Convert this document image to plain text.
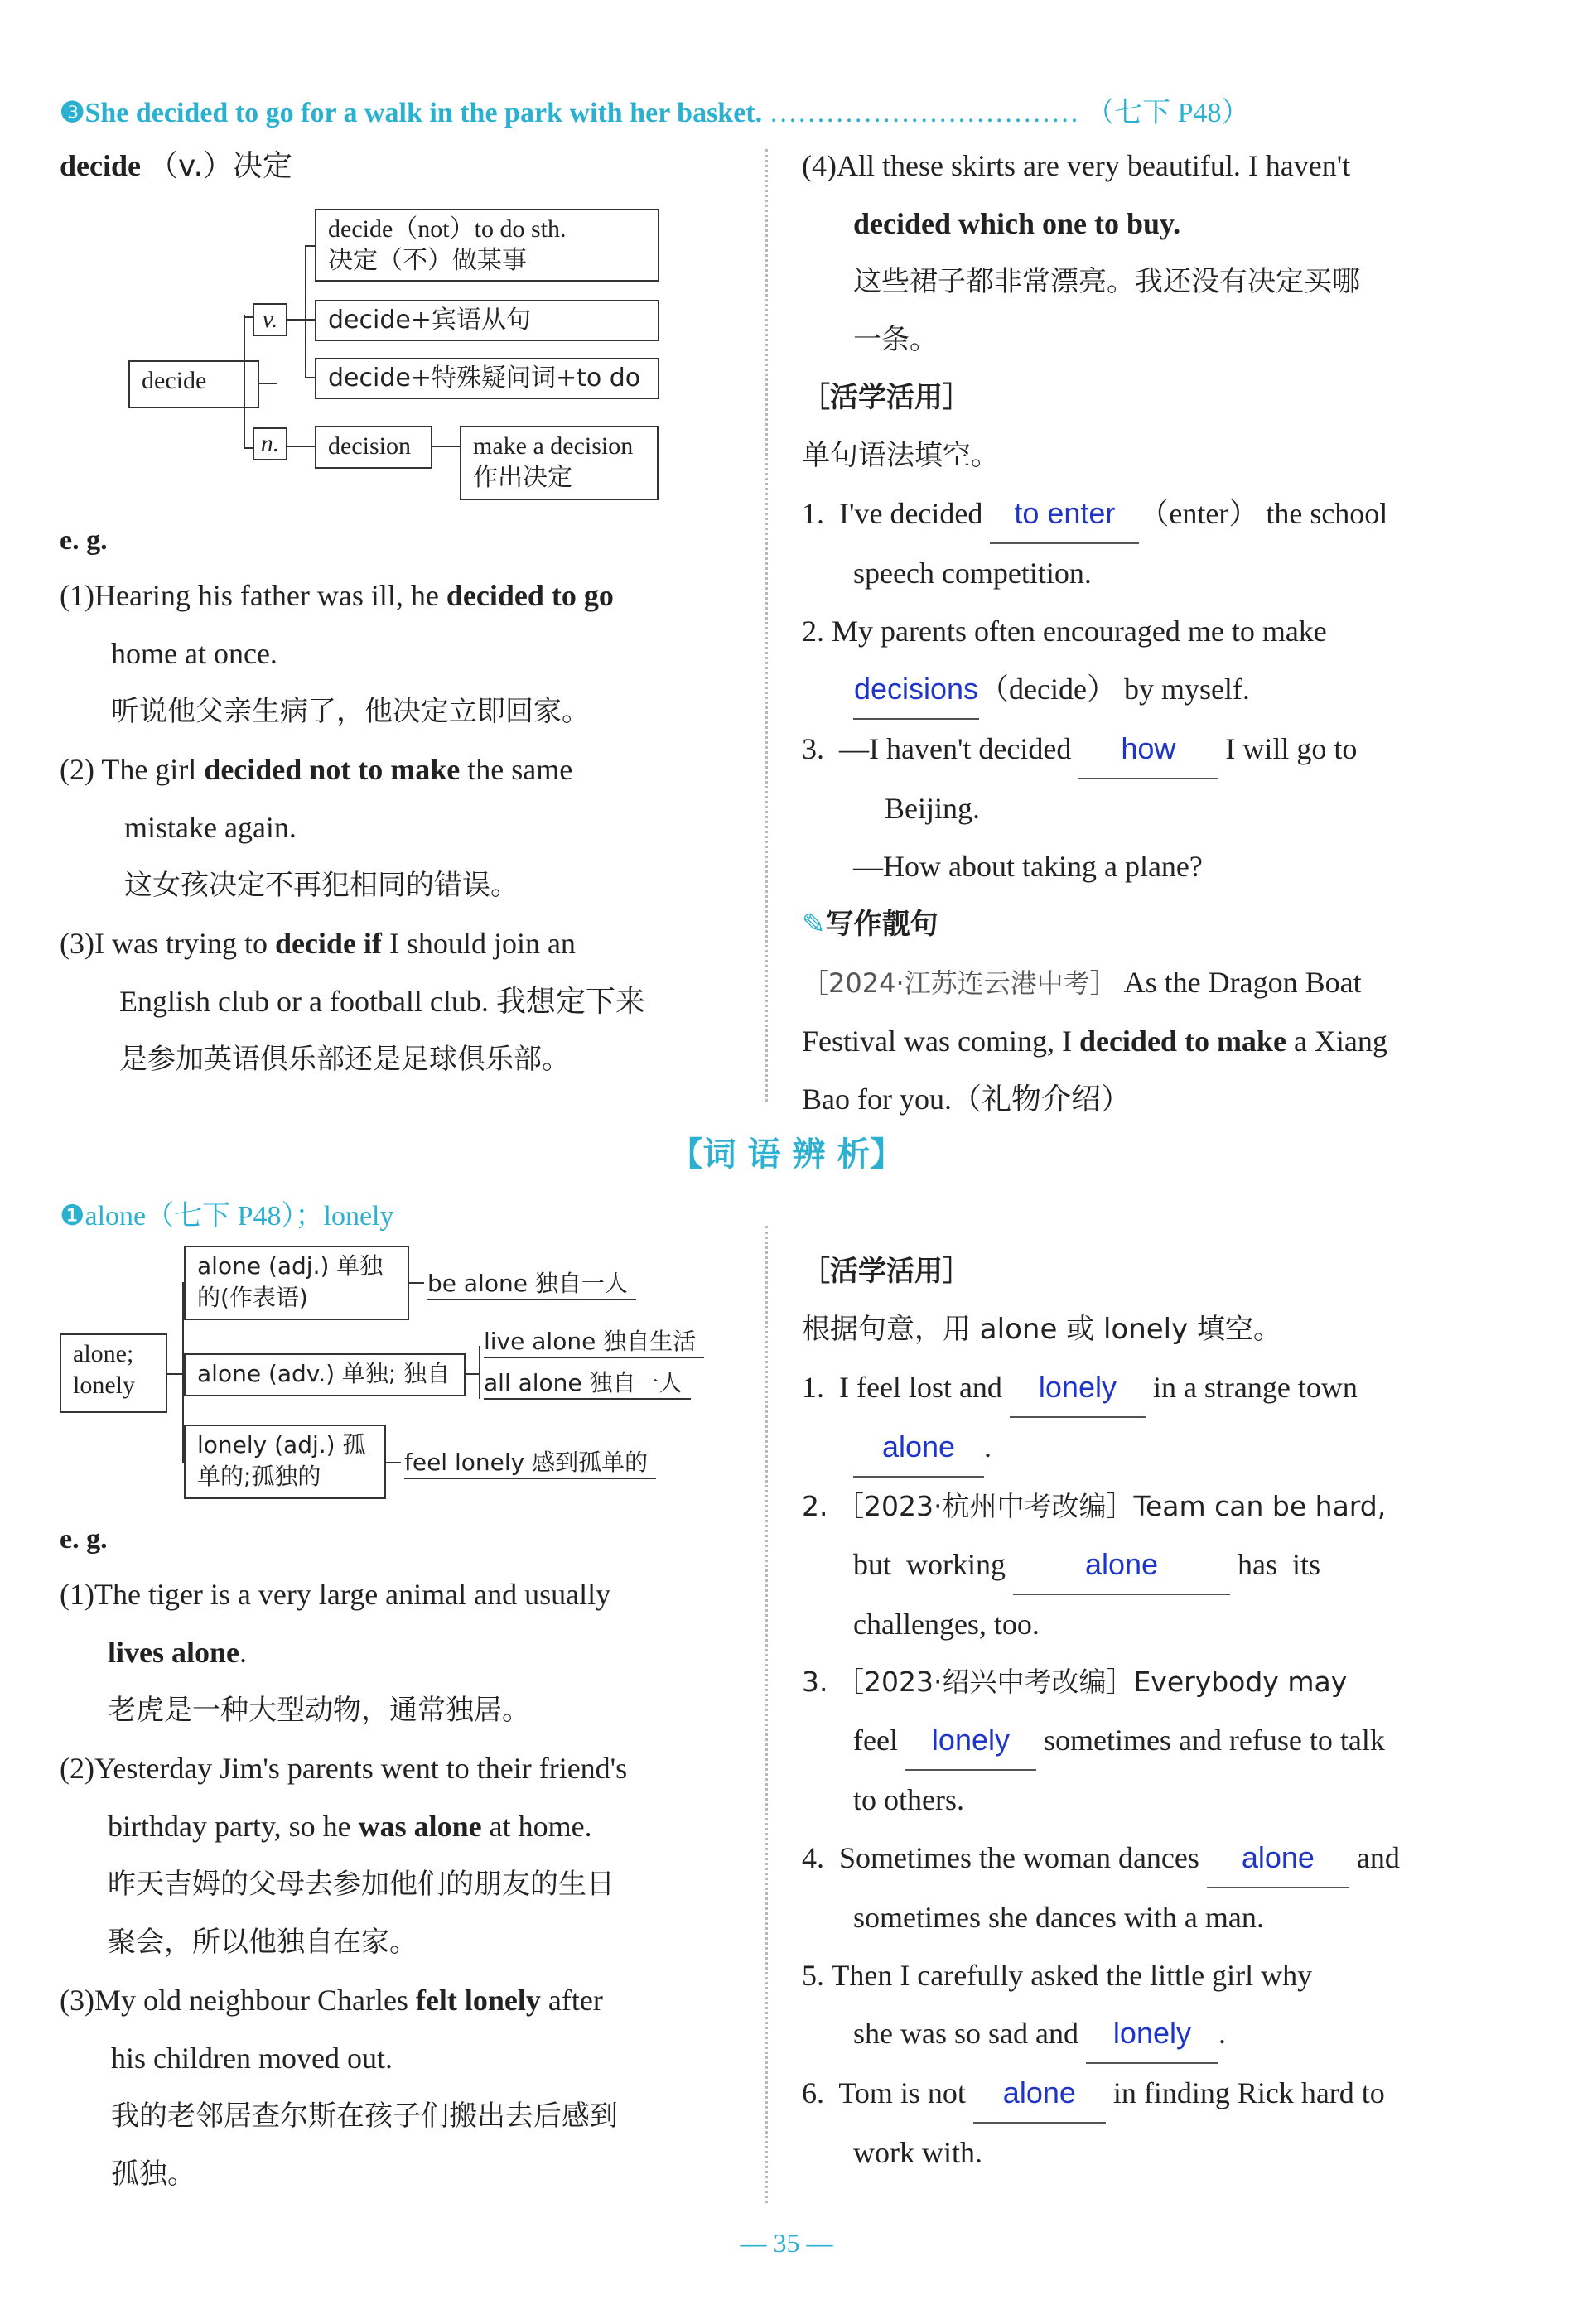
❸She decided to go for a walk in the park with her basket. …………………………… （七下 P48）
decide （v.）决定
decide
v.
n.
decide（not）to do sth.
决定（不）做某事
decide+宾语从句
decide+特殊疑问词+to do
decision	make a decision
作出决定
e. g.
(1)Hearing his father was ill, he decided to go
home at once.
听说他父亲生病了，他决定立即回家。
(2) The girl decided not to make the same
mistake again.
这女孩决定不再犯相同的错误。
(3)I was trying to decide if I should join an
English club or a football club. 我想定下来
是参加英语俱乐部还是足球俱乐部。
(4)All these skirts are very beautiful. I haven't
decided which one to buy.
这些裙子都非常漂亮。我还没有决定买哪
一条。
［活学活用］
单句语法填空。
1.  I've decided to enter （enter） the school
speech competition.
2. My parents often encouraged me to make
decisions（decide） by myself.
3.  —I haven't decided how I will go to
Beijing.
—How about taking a plane?
✎写作靓句
［2024·江苏连云港中考］ As the Dragon Boat
Festival was coming, I decided to make a Xiang
Bao for you.（礼物介绍）
【词 语 辨 析】
❶alone（七下 P48）；lonely
alone;
lonely
alone (adj.) 单独
的(作表语)
be alone 独自一人
alone (adv.) 单独; 独自
live alone 独自生活
all alone 独自一人
lonely (adj.) 孤
单的;孤独的
feel lonely 感到孤单的
e. g.
(1)The tiger is a very large animal and usually
lives alone.
老虎是一种大型动物，通常独居。
(2)Yesterday Jim's parents went to their friend's
birthday party, so he was alone at home.
昨天吉姆的父母去参加他们的朋友的生日
聚会，所以他独自在家。
(3)My old neighbour Charles felt lonely after
his children moved out.
我的老邻居查尔斯在孩子们搬出去后感到
孤独。
［活学活用］
根据句意，用 alone 或 lonely 填空。
1.  I feel lost and lonely in a strange town
alone .
2. ［2023·杭州中考改编］Team can be hard,
but  working alone has  its
challenges, too.
3. ［2023·绍兴中考改编］Everybody may
feel lonely sometimes and refuse to talk
to others.
4.  Sometimes the woman dances alone and
sometimes she dances with a man.
5. Then I carefully asked the little girl why
she was so sad and lonely .
6.  Tom is not alone in finding Rick hard to
work with.
— 35 —
